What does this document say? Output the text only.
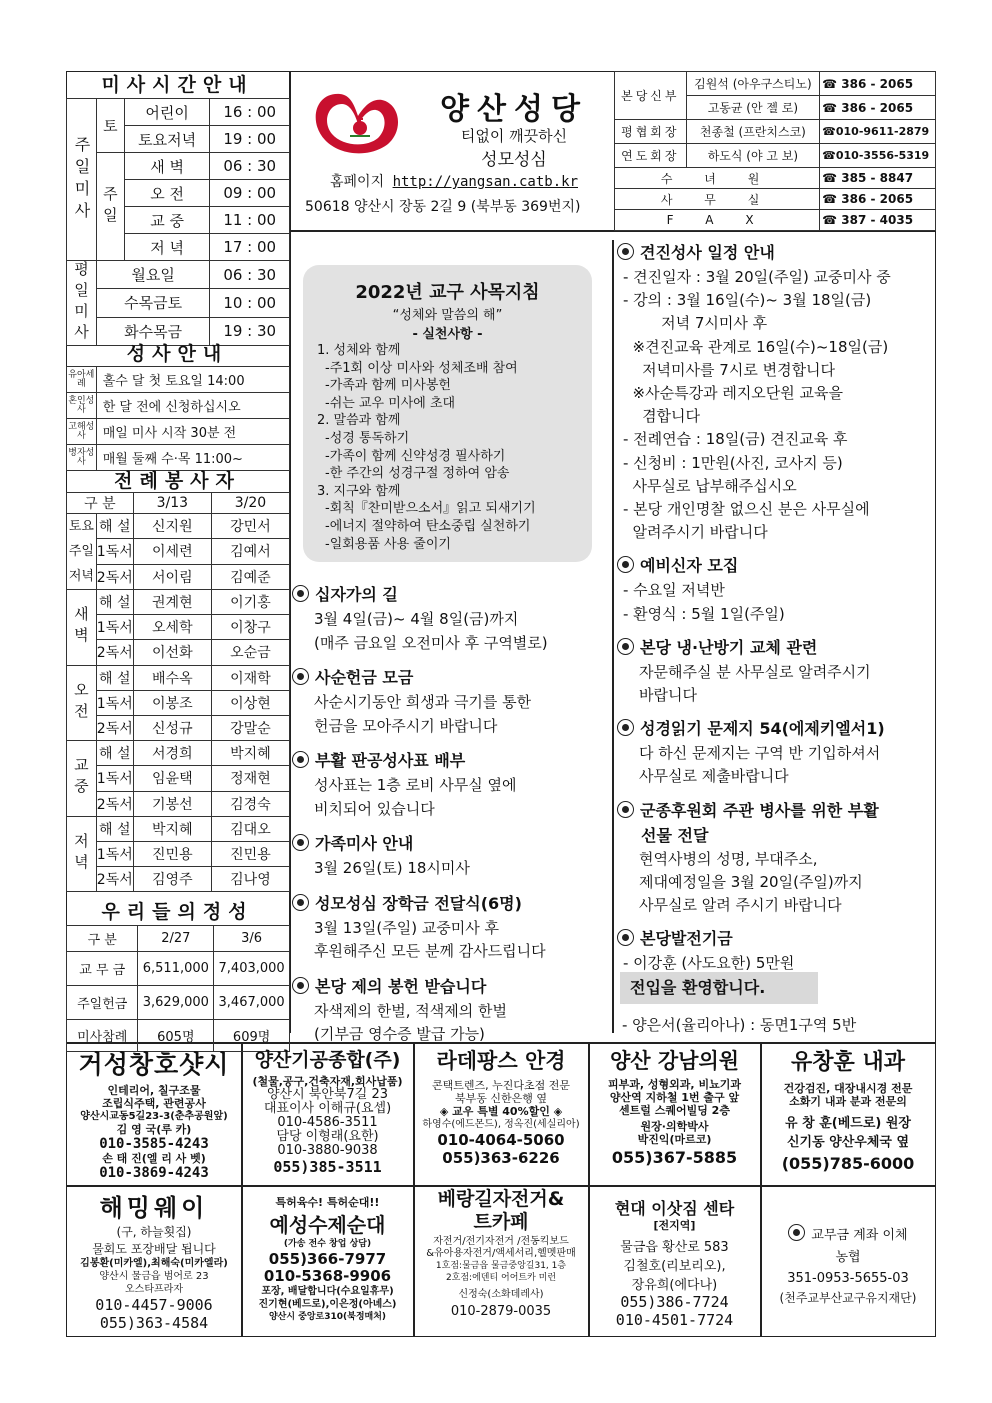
미사시간안내
주일미사	토	어린이	16 : 00
		토요저녁	19 : 00
	주일	새 벽	06 : 30
		오 전	09 : 00
		교 중	11 : 00
		저 녁	17 : 00
평일미사	월요일		06 : 30
	수목금토		10 : 00
	화수목금		19 : 30
성사안내
유아세례	홀수 달 첫 토요일 14:00
혼인성사	한 달 전에 신청하십시오
고해성사	매일 미사 시작 30분 전
병자성사	매월 둘째 수·목 11:00~
전례봉사자
구 분		3/13	3/20
토요주일저녁	해 설	신지원	강민서
	1독서	이세련	김예서
	2독서	서이림	김예준
새벽	해 설	권계현	이기홍
	1독서	오세학	이창구
	2독서	이선화	오순금
오전	해 설	배수옥	이재학
	1독서	이봉조	이상현
	2독서	신성규	강말순
교중	해 설	서경희	박지혜
	1독서	임윤택	정재현
	2독서	기봉선	김경숙
저녁	해 설	박지혜	김대오
	1독서	진민용	진민용
	2독서	김영주	김나영
우리들의정성
구 분	2/27	3/6
교 무 금	6,511,000	7,403,000
주일헌금	3,629,000	3,467,000
미사참례	605명	609명
양산성당
티없이 깨끗하신
성모성심
홈페이지 http://yangsan.catb.kr
50618 양산시 장동 2길 9 (북부동 369번지)
본당신부	김원석 (아우구스티노)	☎ 386 - 2065
	고동균 (안 젤 로)	☎ 386 - 2065
평협회장	천종철 (프란치스코)	☎010-9611-2879
연도회장	하도식 (야 고 보)	☎010-3556-5319
수 녀 원		☎ 385 - 8847
사 무 실		☎ 386 - 2065
F A X		☎ 387 - 4035
2022년 교구 사목지침
“성체와 말씀의 해”
- 실천사항 -
1. 성체와 함께
-주1회 이상 미사와 성체조배 참여
-가족과 함께 미사봉헌
-쉬는 교우 미사에 초대
2. 말씀과 함께
-성경 통독하기
-가족이 함께 신약성경 필사하기
-한 주간의 성경구절 정하여 암송
3. 지구와 함께
-회칙『찬미받으소서』읽고 되새기기
-에너지 절약하여 탄소중립 실천하기
-일회용품 사용 줄이기
십자가의 길
3월 4일(금)~ 4월 8일(금)까지
(매주 금요일 오전미사 후 구역별로)
사순헌금 모금
사순시기동안 희생과 극기를 통한
헌금을 모아주시기 바랍니다
부활 판공성사표 배부
성사표는 1층 로비 사무실 옆에
비치되어 있습니다
가족미사 안내
3월 26일(토) 18시미사
성모성심 장학금 전달식(6명)
3월 13일(주일) 교중미사 후
후원해주신 모든 분께 감사드립니다
본당 제의 봉헌 받습니다
자색제의 한벌, 적색제의 한벌
(기부금 영수증 발급 가능)
견진성사 일정 안내
- 견진일자 : 3월 20일(주일) 교중미사 중
- 강의 : 3월 16일(수)~ 3월 18일(금)
저녁 7시미사 후
※견진교육 관계로 16일(수)~18일(금)
저녁미사를 7시로 변경합니다
※사순특강과 레지오단원 교육을
겸합니다
- 전례연습 : 18일(금) 견진교육 후
- 신청비 : 1만원(사진, 코사지 등)
사무실로 납부해주십시오
- 본당 개인명찰 없으신 분은 사무실에
알려주시기 바랍니다
예비신자 모집
- 수요일 저녁반
- 환영식 : 5월 1일(주일)
본당 냉·난방기 교체 관련
자문해주실 분 사무실로 알려주시기
바랍니다
성경읽기 문제지 54(에제키엘서1)
다 하신 문제지는 구역 반 기입하셔서
사무실로 제출바랍니다
군종후원회 주관 병사를 위한 부활
선물 전달
현역사병의 성명, 부대주소,
제대예정일을 3월 20일(주일)까지
사무실로 알려 주시기 바랍니다
본당발전기금
- 이강훈 (사도요한) 5만원
전입을 환영합니다.
- 양은서(율리아나) : 동면1구역 5반
거성창호샷시
인테리어, 칠구조물
조립식주택, 관련공사
양산시교동5길23-3(춘추공원앞)
김 영 국(루 카)
010-3585-4243
손 태 진(엘 리 사 벳)
010-3869-4243
양산기공종합(주)
(철물,공구,건축자재,회사납품)
양산시 북안북7길 23
대표이사 이해규(요셉)
010-4586-3511
담당 이형래(요한)
010-3880-9038
055)385-3511
라데팡스 안경
콘택트렌즈, 누진다초점 전문
북부동 신한은행 옆
◈ 교우 특별 40%할인 ◈
하영수(에드몬드), 정옥진(세실리아)
010-4064-5060
055)363-6226
양산 강남의원
피부과, 성형외과, 비뇨기과
양산역 지하철 1번 출구 앞
센트럴 스퀘어빌딩 2층
원장·의학박사
박진익(마르코)
055)367-5885
유창훈 내과
건강검진, 대장내시경 전문
소화기 내과 분과 전문의
유 창 훈(베드로) 원장
신기동 양산우체국 옆
(055)785-6000
해밍웨이
(구, 하늘횟집)
물회도 포장배달 됩니다
김봉환(미카엘),최해숙(미카엘라)
양산시 물금읍 범어로 23
오스타프라자
010-4457-9006
055)363-4584
특허육수! 특허순대!!
예성수제순대
(가송 전수 창업 상담)
055)366-7977
010-5368-9906
포장, 배달합니다(수요일휴무)
진기현(베드로),이은정(아녜스)
양산시 중앙로310(북정매처)
베랑길자전거&
트카페
자전거/전기자전거 /전동킥보드
&유아용자전거/액세서리,헬멧판매
1호점:물금읍 물금중앙길31, 1층
2호점:에덴티 어어트카 미런
신정숙(소화데레사)
010-2879-0035
현대 이삿짐 센타
[전지역]
물금읍 황산로 583
김철호(리보리오),
장유희(에다나)
055)386-7724
010-4501-7724
교무금 계좌 이체
농협
351-0953-5655-03
(천주교부산교구유지재단)
